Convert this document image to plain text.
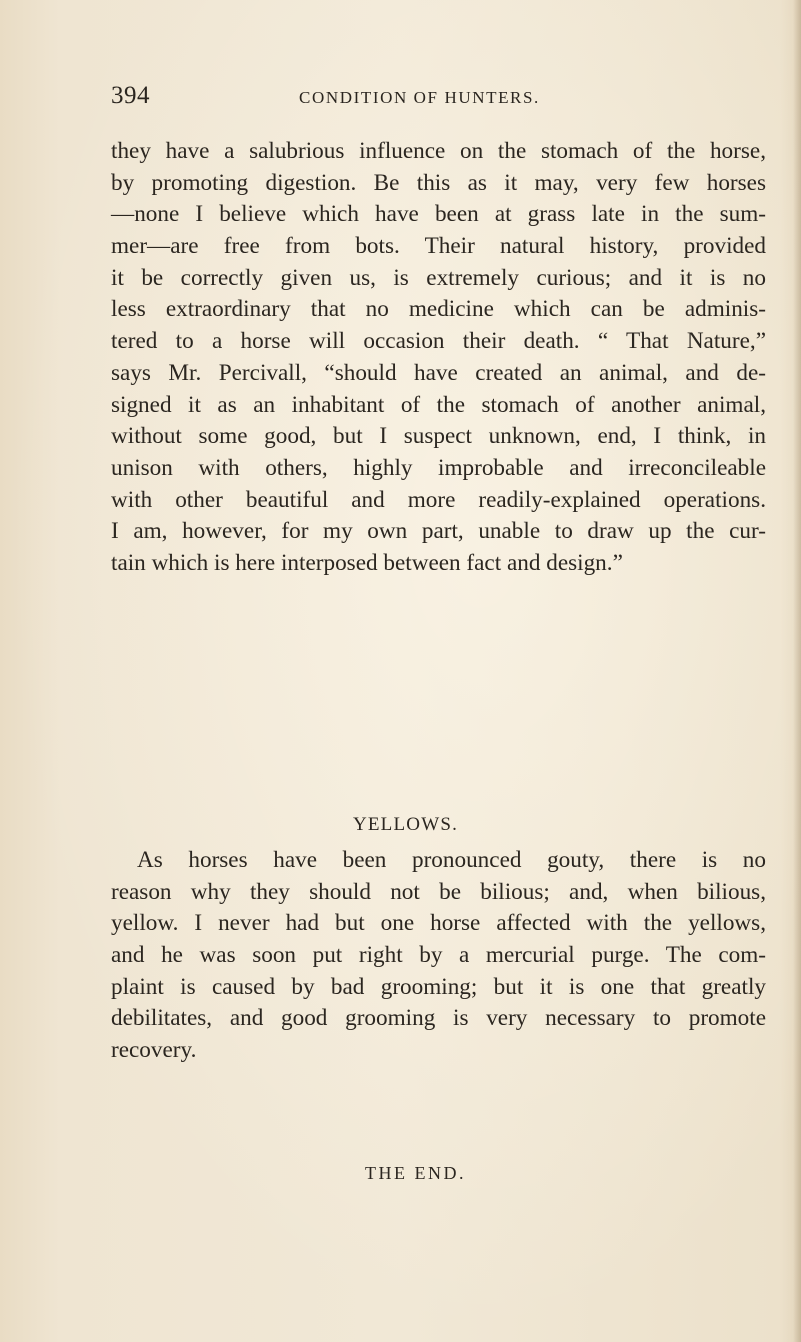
394	CONDITION OF HUNTERS.
they have a salubrious influence on the stomach of the horse,
by promoting digestion. Be this as it may, very few horses
—none I believe which have been at grass late in the sum-
mer—are free from bots. Their natural history, provided
it be correctly given us, is extremely curious; and it is no
less extraordinary that no medicine which can be adminis-
tered to a horse will occasion their death. “ That Nature,”
says Mr. Percivall, “should have created an animal, and de-
signed it as an inhabitant of the stomach of another animal,
without some good, but I suspect unknown, end, I think, in
unison with others, highly improbable and irreconcileable
with other beautiful and more readily-explained operations.
I am, however, for my own part, unable to draw up the cur-
tain which is here interposed between fact and design.”
YELLOWS.
As horses have been pronounced gouty, there is no
reason why they should not be bilious; and, when bilious,
yellow. I never had but one horse affected with the yellows,
and he was soon put right by a mercurial purge. The com-
plaint is caused by bad grooming; but it is one that greatly
debilitates, and good grooming is very necessary to promote
recovery.
THE END.
